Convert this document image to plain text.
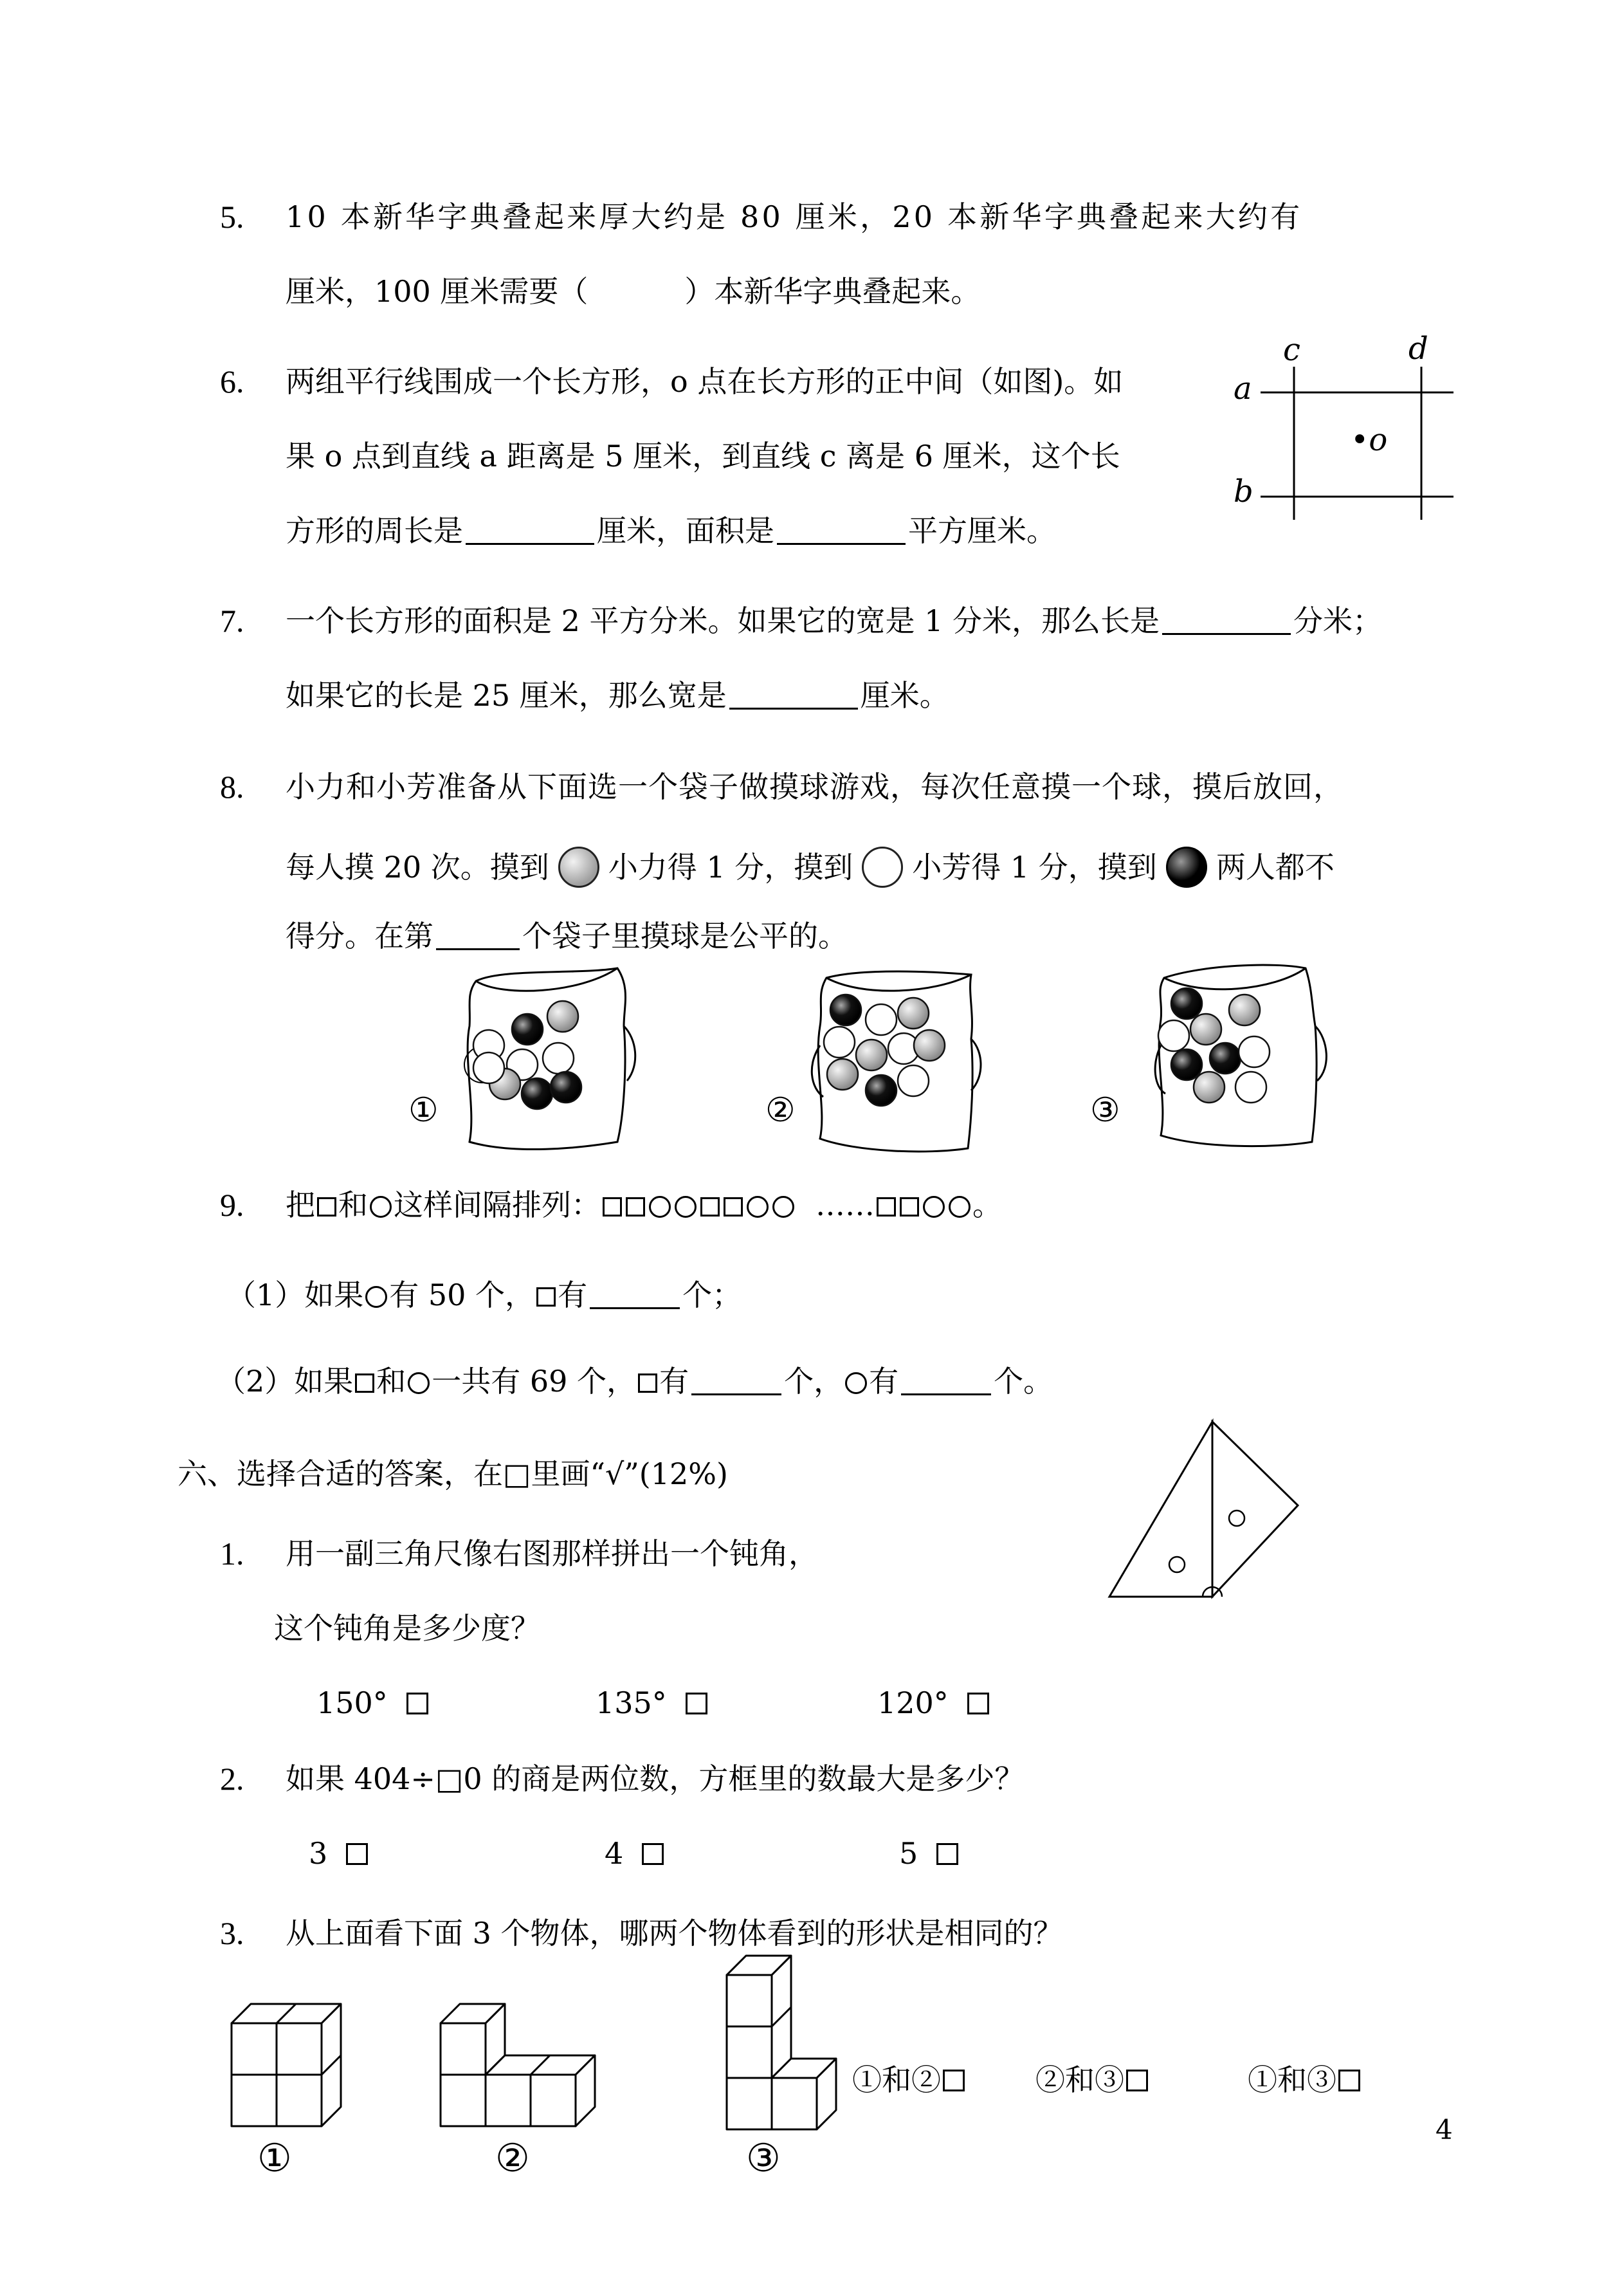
5. 10 本新华字典叠起来厚大约是 80 厘米，20 本新华字典叠起来大约有
厘米，100 厘米需要（	）本新华字典叠起来。
6. 两组平行线围成一个长方形，o 点在长方形的正中间（如图)。如
果 o 点到直线 a 距离是 5 厘米，到直线 c 离是 6 厘米，这个长
方形的周长是	厘米，面积是	平方厘米。
c	d
a
b
•o
7. 一个长方形的面积是 2 平方分米。如果它的宽是 1 分米，那么长是	分米；
如果它的长是 25 厘米，那么宽是	厘米。
8. 小力和小芳准备从下面选一个袋子做摸球游戏，每次任意摸一个球，摸后放回，
每人摸 20 次。摸到 小力得 1 分，摸到 小芳得 1 分，摸到 两人都不
得分。在第	个袋子里摸球是公平的。
①	②	③
9. 把 和 这样间隔排列：	……	。
（1）如果 有 50 个， 有	个；
（2）如果 和 一共有 69 个， 有	个， 有	个。
六、选择合适的答案，在□里画“√”(12%)
1. 用一副三角尺像右图那样拼出一个钝角，
这个钝角是多少度？
150°	135°	120°
2. 如果 404÷□0 的商是两位数，方框里的数最大是多少？
3	4	5
3. 从上面看下面 3 个物体，哪两个物体看到的形状是相同的？
①	②	③
①和②	②和③	①和③
4
